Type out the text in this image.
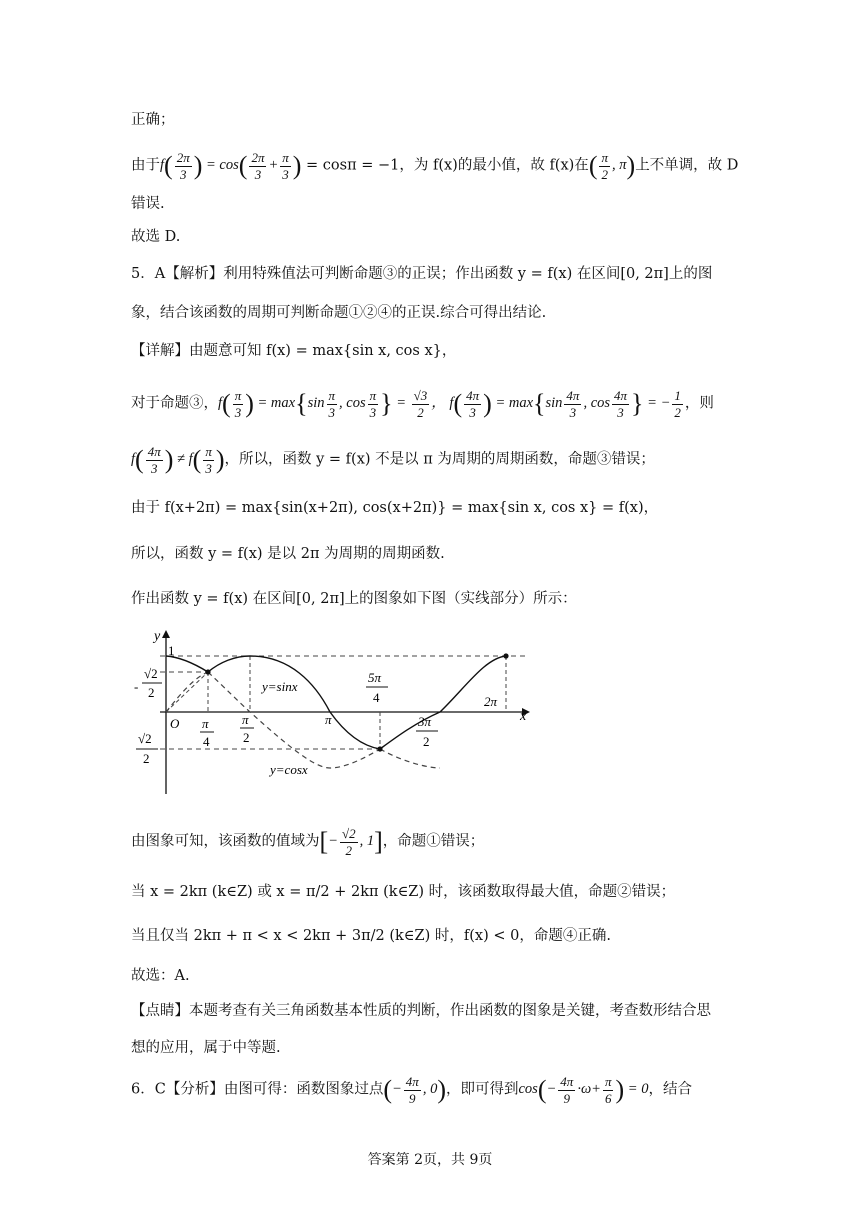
正确；
由于$f( \frac{2\pi}{3}$ ) = $\cos( \frac{2\pi}{3} + \frac{\pi}{3}$ ) = cosπ = −1，为 f(x)的最小值，故 f(x)在( $\frac{\pi}{2}$ , π)上不单调，故 D
错误.
故选 D.
5．A【解析】利用特殊值法可判断命题③的正误；作出函数 y = f(x) 在区间[0, 2π]上的图
象，结合该函数的周期可判断命题①②④的正误.综合可得出结论.
【详解】由题意可知 f(x) = max{sin x, cos x}，
对于命题③，$f( \frac{\pi}{3}$ ) = $\max\{\sin \frac{\pi}{3}$ , $\cos \frac{\pi}{3}$ } = $\frac{√3}{2}$ ， $f( \frac{4\pi}{3}$ ) = $\max\{\sin \frac{4\pi}{3}$ , $\cos \frac{4\pi}{3}$ } = − $\frac{1}{2}$ ，则
$f( \frac{4\pi}{3}$ ) ≠ $f( \frac{\pi}{3}$ )，所以，函数 y = f(x) 不是以 π 为周期的周期函数，命题③错误；
由于 f(x+2π) = max{sin(x+2π), cos(x+2π)} = max{sin x, cos x} = f(x)，
所以，函数 y = f(x) 是以 2π 为周期的周期函数.
作出函数 y = f(x) 在区间[0, 2π]上的图象如下图（实线部分）所示：
y
x
O
1
√2
2
-
√2
2
π
4
π
2
π
5π
4
3π
2
2π
y=sinx
y=cosx
由图象可知，该函数的值域为[− $\frac{√2}{2}$ , 1]，命题①错误；
当 x = 2kπ (k∈Z) 或 x = π/2 + 2kπ (k∈Z) 时，该函数取得最大值，命题②错误；
当且仅当 2kπ + π < x < 2kπ + 3π/2 (k∈Z) 时，f(x) < 0，命题④正确.
故选：A.
【点睛】本题考查有关三角函数基本性质的判断，作出函数的图象是关键，考查数形结合思
想的应用，属于中等题.
6．C【分析】由图可得：函数图象过点(− $\frac{4\pi}{9}$ , 0)，即可得到$\cos(- \frac{4\pi}{9} \cdot\omega+ \frac{\pi}{6}$ ) = 0，结合
答案第 2页，共 9页
